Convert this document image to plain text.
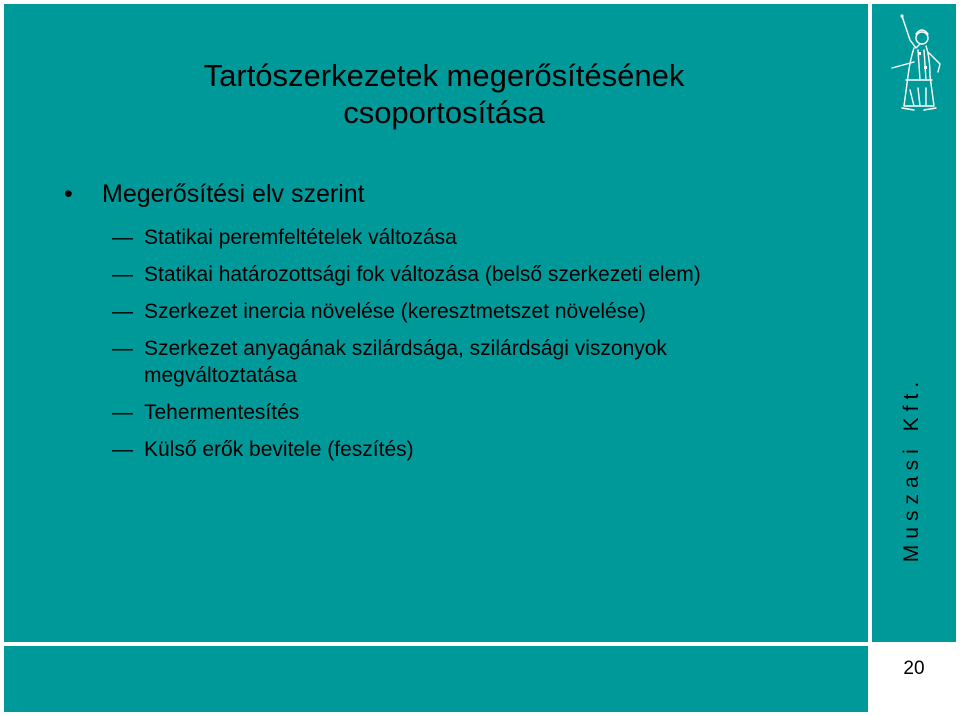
Tartószerkezetek megerősítésének
csoportosítása
• Megerősítési elv szerint
— Statikai peremfeltételek változása
— Statikai határozottsági fok változása (belső szerkezeti elem)
— Szerkezet inercia növelése (keresztmetszet növelése)
— Szerkezet anyagának szilárdsága, szilárdsági viszonyok megváltoztatása
— Tehermentesítés
— Külső erők bevitele (feszítés)	Muszasi Kft.
20
